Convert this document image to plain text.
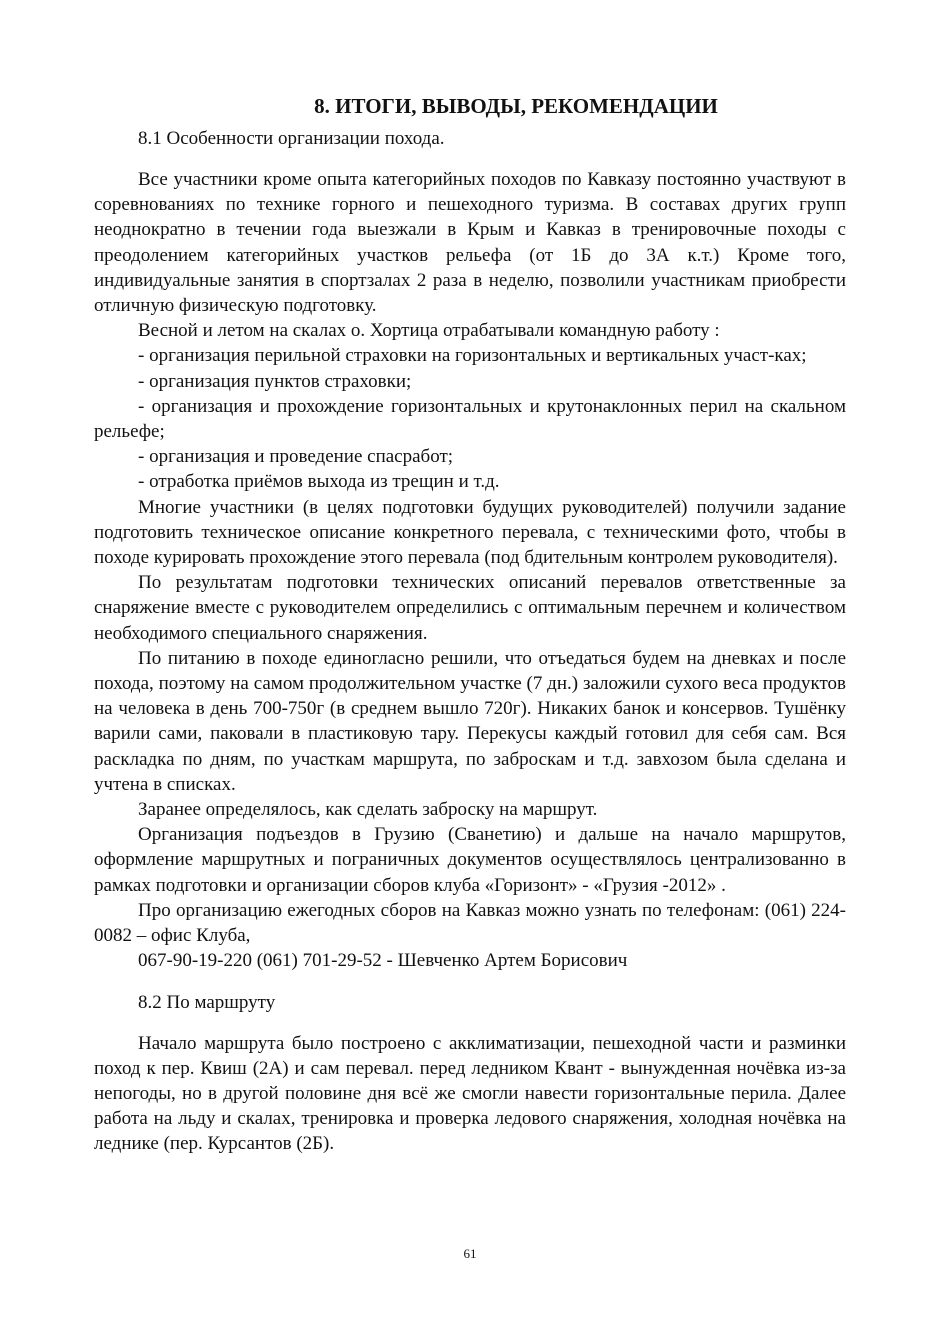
8. ИТОГИ, ВЫВОДЫ, РЕКОМЕНДАЦИИ

8.1 Особенности организации похода.

Все участники кроме опыта категорийных походов по Кавказу постоянно участвуют в соревнованиях по технике горного и пешеходного туризма. В составах других групп неоднократно в течении года выезжали в Крым и Кавказ в тренировочные походы с преодолением категорийных участков рельефа (от 1Б до 3А к.т.) Кроме того, индивидуальные занятия в спортзалах 2 раза в неделю, позволили участникам приобрести отличную физическую подготовку.

Весной и летом на скалах о. Хортица отрабатывали командную работу :

- организация перильной страховки на горизонтальных и вертикальных участ-ках;

- организация пунктов страховки;

- организация и прохождение горизонтальных и крутонаклонных перил на скальном рельефе;

- организация и проведение спасработ;

- отработка приёмов выхода из трещин и т.д.

Многие участники (в целях подготовки будущих руководителей) получили задание подготовить техническое описание конкретного перевала, с техническими фото, чтобы в походе курировать прохождение этого перевала (под бдительным контролем руководителя).

По результатам подготовки технических описаний перевалов ответственные за снаряжение вместе с руководителем определились с оптимальным перечнем и количеством необходимого специального снаряжения.

По питанию в походе единогласно решили, что отъедаться будем на дневках и после похода, поэтому на самом продолжительном участке (7 дн.) заложили сухого веса продуктов на человека в день 700-750г (в среднем вышло 720г). Никаких банок и консервов. Тушёнку варили сами, паковали в пластиковую тару. Перекусы каждый готовил для себя сам. Вся раскладка по дням, по участкам маршрута, по заброскам и т.д. завхозом была сделана и учтена в списках.

Заранее определялось, как сделать заброску на маршрут.

Организация подъездов в Грузию (Сванетию) и дальше на начало маршрутов, оформление маршрутных и пограничных документов осуществлялось централизованно в рамках подготовки и организации сборов клуба «Горизонт» - «Грузия -2012» .

Про организацию ежегодных сборов на Кавказ можно узнать по телефонам: (061) 224-0082 – офис Клуба,

067-90-19-220 (061) 701-29-52 - Шевченко Артем Борисович

8.2 По маршруту

Начало маршрута было построено с акклиматизации, пешеходной части и разминки поход к пер. Квиш (2А) и сам перевал. перед ледником Квант - вынужденная ночёвка из-за непогоды, но в другой половине дня всё же смогли навести горизонтальные перила. Далее работа на льду и скалах, тренировка и проверка ледового снаряжения, холодная ночёвка на леднике (пер. Курсантов (2Б).

61
